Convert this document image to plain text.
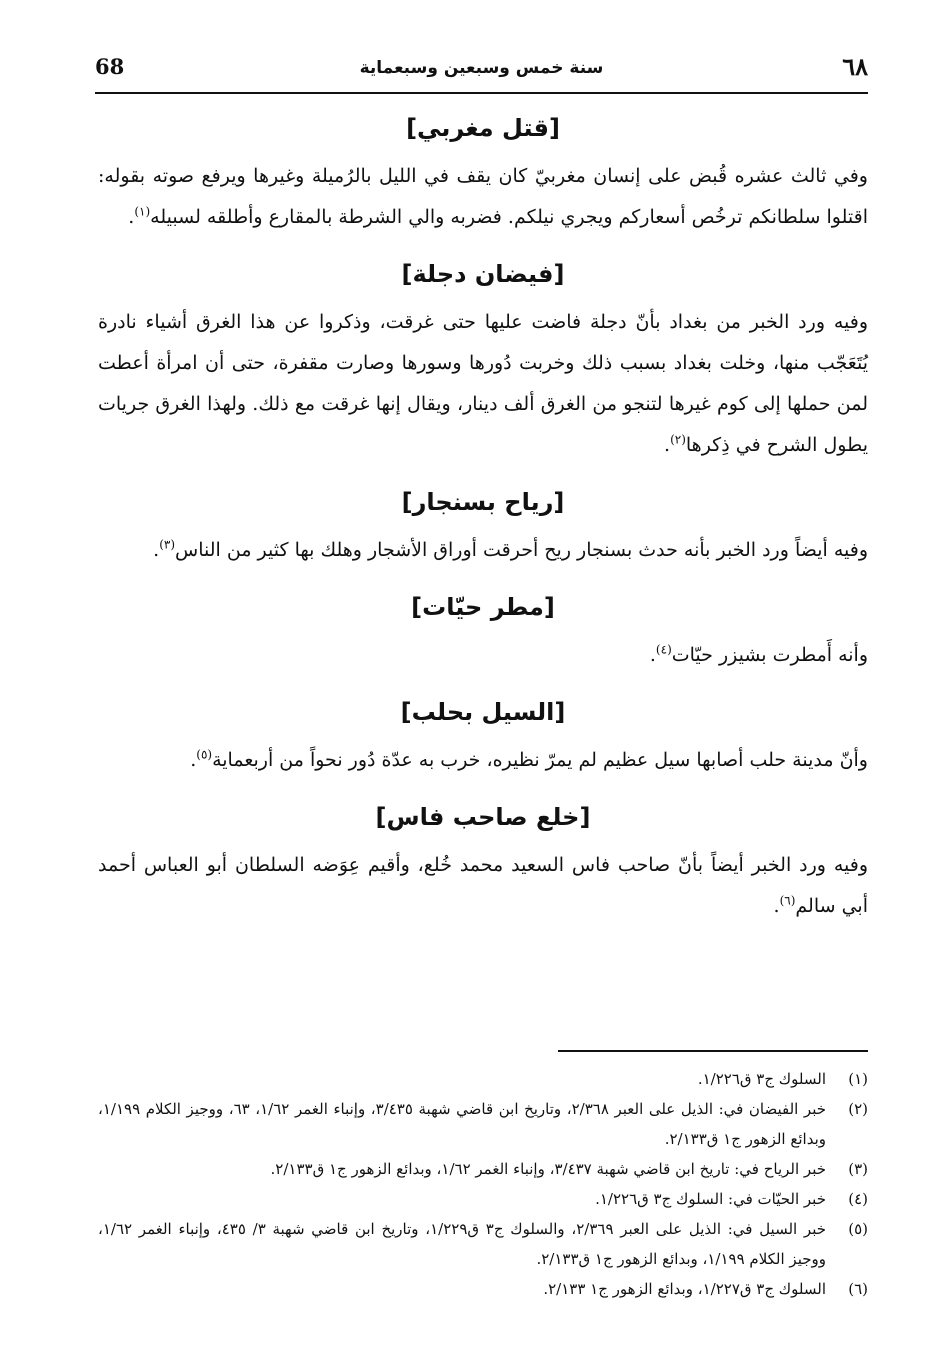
68	سنة خمس وسبعين وسبعماية	٦٨
[قتل مغربي]

وفي ثالث عشره قُبض على إنسان مغربيّ كان يقف في الليل بالرُميلة وغيرها ويرفع صوته بقوله: اقتلوا سلطانكم ترخُص أسعاركم ويجري نيلكم. فضربه والي الشرطة بالمقارع وأطلقه لسبيله$^{(١)}$.

[فيضان دجلة]

وفيه ورد الخبر من بغداد بأنّ دجلة فاضت عليها حتى غرقت، وذكروا عن هذا الغرق أشياء نادرة يُتَعَجّب منها، وخلت بغداد بسبب ذلك وخربت دُورها وسورها وصارت مقفرة، حتى أن امرأة أعطت لمن حملها إلى كوم غيرها لتنجو من الغرق ألف دينار، ويقال إنها غرقت مع ذلك. ولهذا الغرق جريات يطول الشرح في ذِكرها$^{(٢)}$.

[رياح بسنجار]

وفيه أيضاً ورد الخبر بأنه حدث بسنجار ريح أحرقت أوراق الأشجار وهلك بها كثير من الناس$^{(٣)}$.

[مطر حيّات]

وأنه أَمطرت بشيزر حيّات$^{(٤)}$.

[السيل بحلب]

وأنّ مدينة حلب أصابها سيل عظيم لم يمرّ نظيره، خرب به عدّة دُور نحواً من أربعماية$^{(٥)}$.

[خلع صاحب فاس]

وفيه ورد الخبر أيضاً بأنّ صاحب فاس السعيد محمد خُلع، وأقيم عِوَضه السلطان أبو العباس أحمد أبي سالم$^{(٦)}$.

(١)
السلوك ج٣ ق١/٢٢٦.
(٢)
خبر الفيضان في: الذيل على العبر ٢/٣٦٨، وتاريخ ابن قاضي شهبة ٣/٤٣٥، وإنباء الغمر ١/٦٢، ٦٣، ووجيز الكلام ١/١٩٩، وبدائع الزهور ج١ ق٢/١٣٣.
(٣)
خبر الرياح في: تاريخ ابن قاضي شهبة ٣/٤٣٧، وإنباء الغمر ١/٦٢، وبدائع الزهور ج١ ق٢/١٣٣.
(٤)
خبر الحيّات في: السلوك ج٣ ق١/٢٢٦.
(٥)
خبر السيل في: الذيل على العبر ٢/٣٦٩، والسلوك ج٣ ق١/٢٢٩، وتاريخ ابن قاضي شهبة ٣/ ٤٣٥، وإنباء الغمر ١/٦٢، ووجيز الكلام ١/١٩٩، وبدائع الزهور ج١ ق٢/١٣٣.
(٦)
السلوك ج٣ ق١/٢٢٧، وبدائع الزهور ج١ ٢/١٣٣.
